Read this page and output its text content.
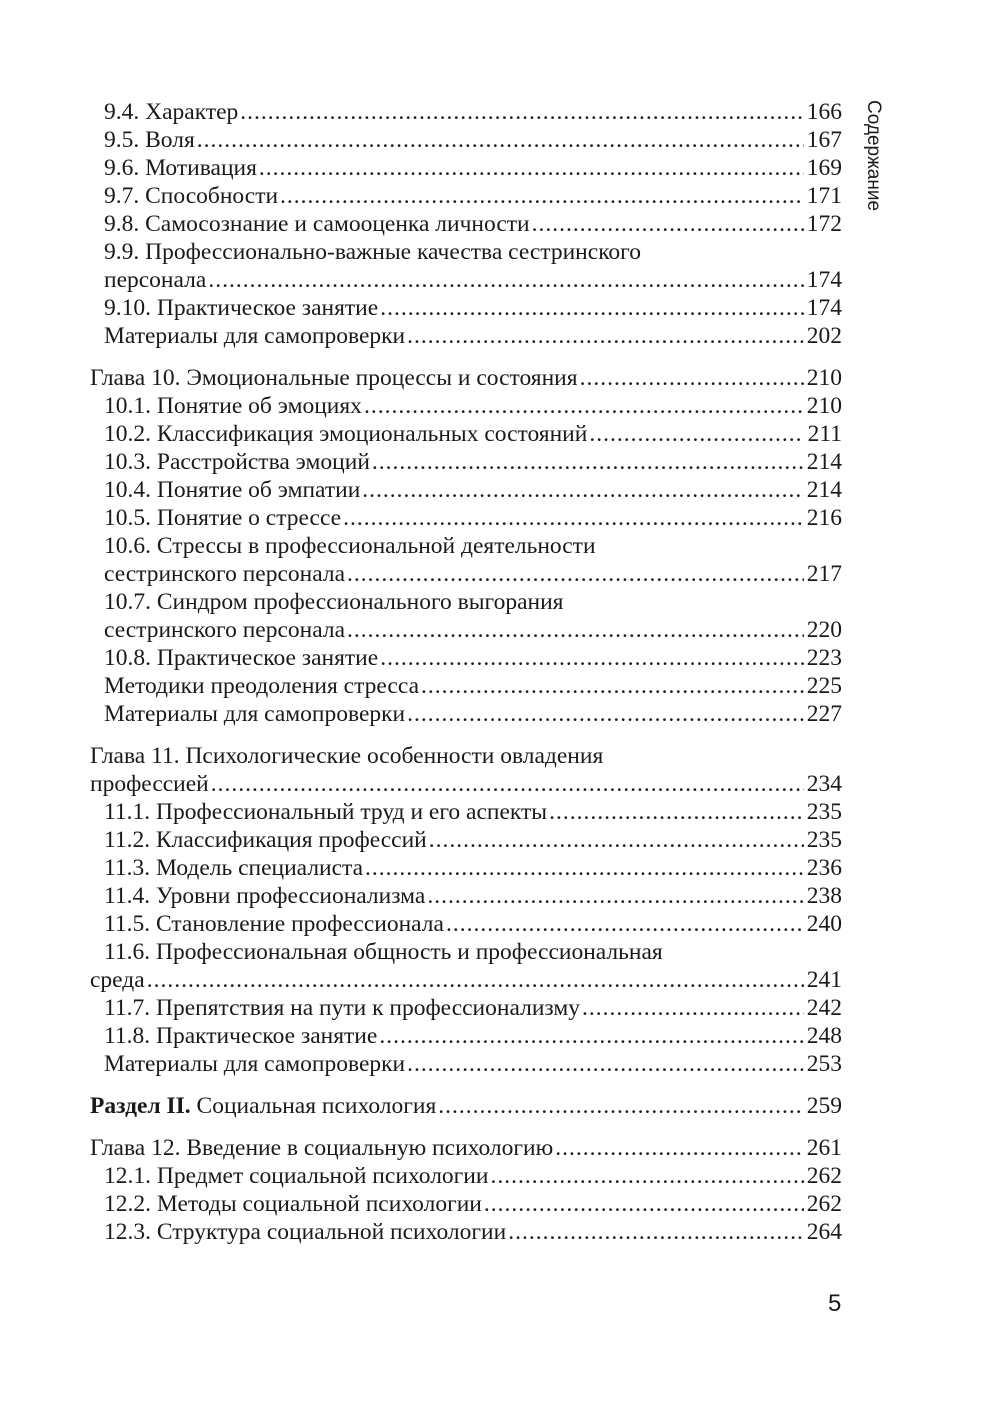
9.4. Характер .....	166
9.5. Воля .....	167
9.6. Мотивация .....	169
9.7. Способности .....	171
9.8. Самосознание и самооценка личности .....	172
9.9. Профессионально-важные качества сестринского
персонала .....	174
9.10. Практическое занятие .....	174
Материалы для самопроверки .....	202
Глава 10. Эмоциональные процессы и состояния .....	210
10.1. Понятие об эмоциях .....	210
10.2. Классификация эмоциональных состояний .....	211
10.3. Расстройства эмоций .....	214
10.4. Понятие об эмпатии .....	214
10.5. Понятие о стрессе .....	216
10.6. Стрессы в профессиональной деятельности
сестринского персонала .....	217
10.7. Синдром профессионального выгорания
сестринского персонала .....	220
10.8. Практическое занятие .....	223
Методики преодоления стресса .....	225
Материалы для самопроверки .....	227
Глава 11. Психологические особенности овладения
профессией .....	234
11.1. Профессиональный труд и его аспекты .....	235
11.2. Классификация профессий .....	235
11.3. Модель специалиста .....	236
11.4. Уровни профессионализма .....	238
11.5. Становление профессионала .....	240
11.6. Профессиональная общность и профессиональная
среда .....	241
11.7. Препятствия на пути к профессионализму .....	242
11.8. Практическое занятие .....	248
Материалы для самопроверки .....	253
Раздел II. Социальная психология .....	259
Глава 12. Введение в социальную психологию .....	261
12.1. Предмет социальной психологии .....	262
12.2. Методы социальной психологии .....	262
12.3. Структура социальной психологии .....	264
Содержание
5
